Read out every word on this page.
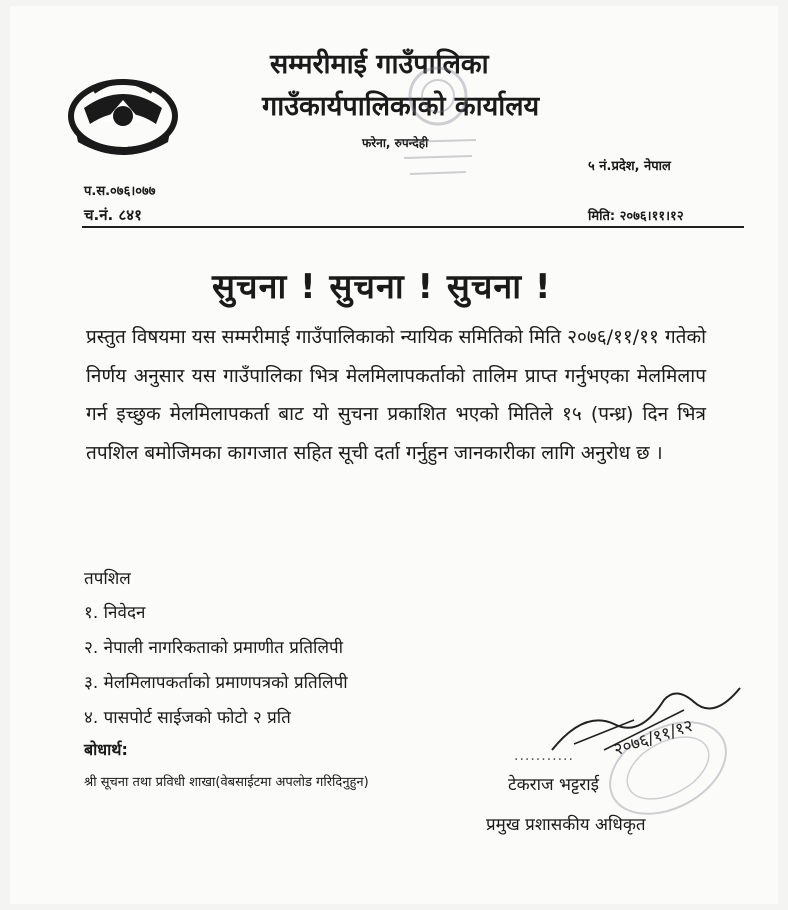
सम्मरीमाई गाउँपालिका
गाउँकार्यपालिकाको कार्यालय
फरेना, रुपन्देही
५ नं.प्रदेश, नेपाल
प.स.०७६।०७७
च.नं. ८४१	मिति: २०७६।११।१२
सुचना ! सुचना ! सुचना !
प्रस्तुत विषयमा यस सम्मरीमाई गाउँपालिकाको न्यायिक समितिको मिति २०७६/११/११ गतेको निर्णय अनुसार यस गाउँपालिका भित्र मेलमिलापकर्ताको तालिम प्राप्त गर्नुभएका मेलमिलाप गर्न इच्छुक मेलमिलापकर्ता बाट यो सुचना प्रकाशित भएको मितिले १५ (पन्ध्र) दिन भित्र तपशिल बमोजिमका कागजात सहित सूची दर्ता गर्नुहुन जानकारीका लागि अनुरोध छ ।
तपशिल
१. निवेदन
२. नेपाली नागरिकताको प्रमाणीत प्रतिलिपी
३. मेलमिलापकर्ताको प्रमाणपत्रको प्रतिलिपी
४. पासपोर्ट साईजको फोटो २ प्रति
बोधार्थ:
श्री सूचना तथा प्रविधी शाखा(वेबसाईटमा अपलोड गरिदिनुहुन)
........... २०७६/११/१२
टेकराज भट्टराई
प्रमुख प्रशासकीय अधिकृत
